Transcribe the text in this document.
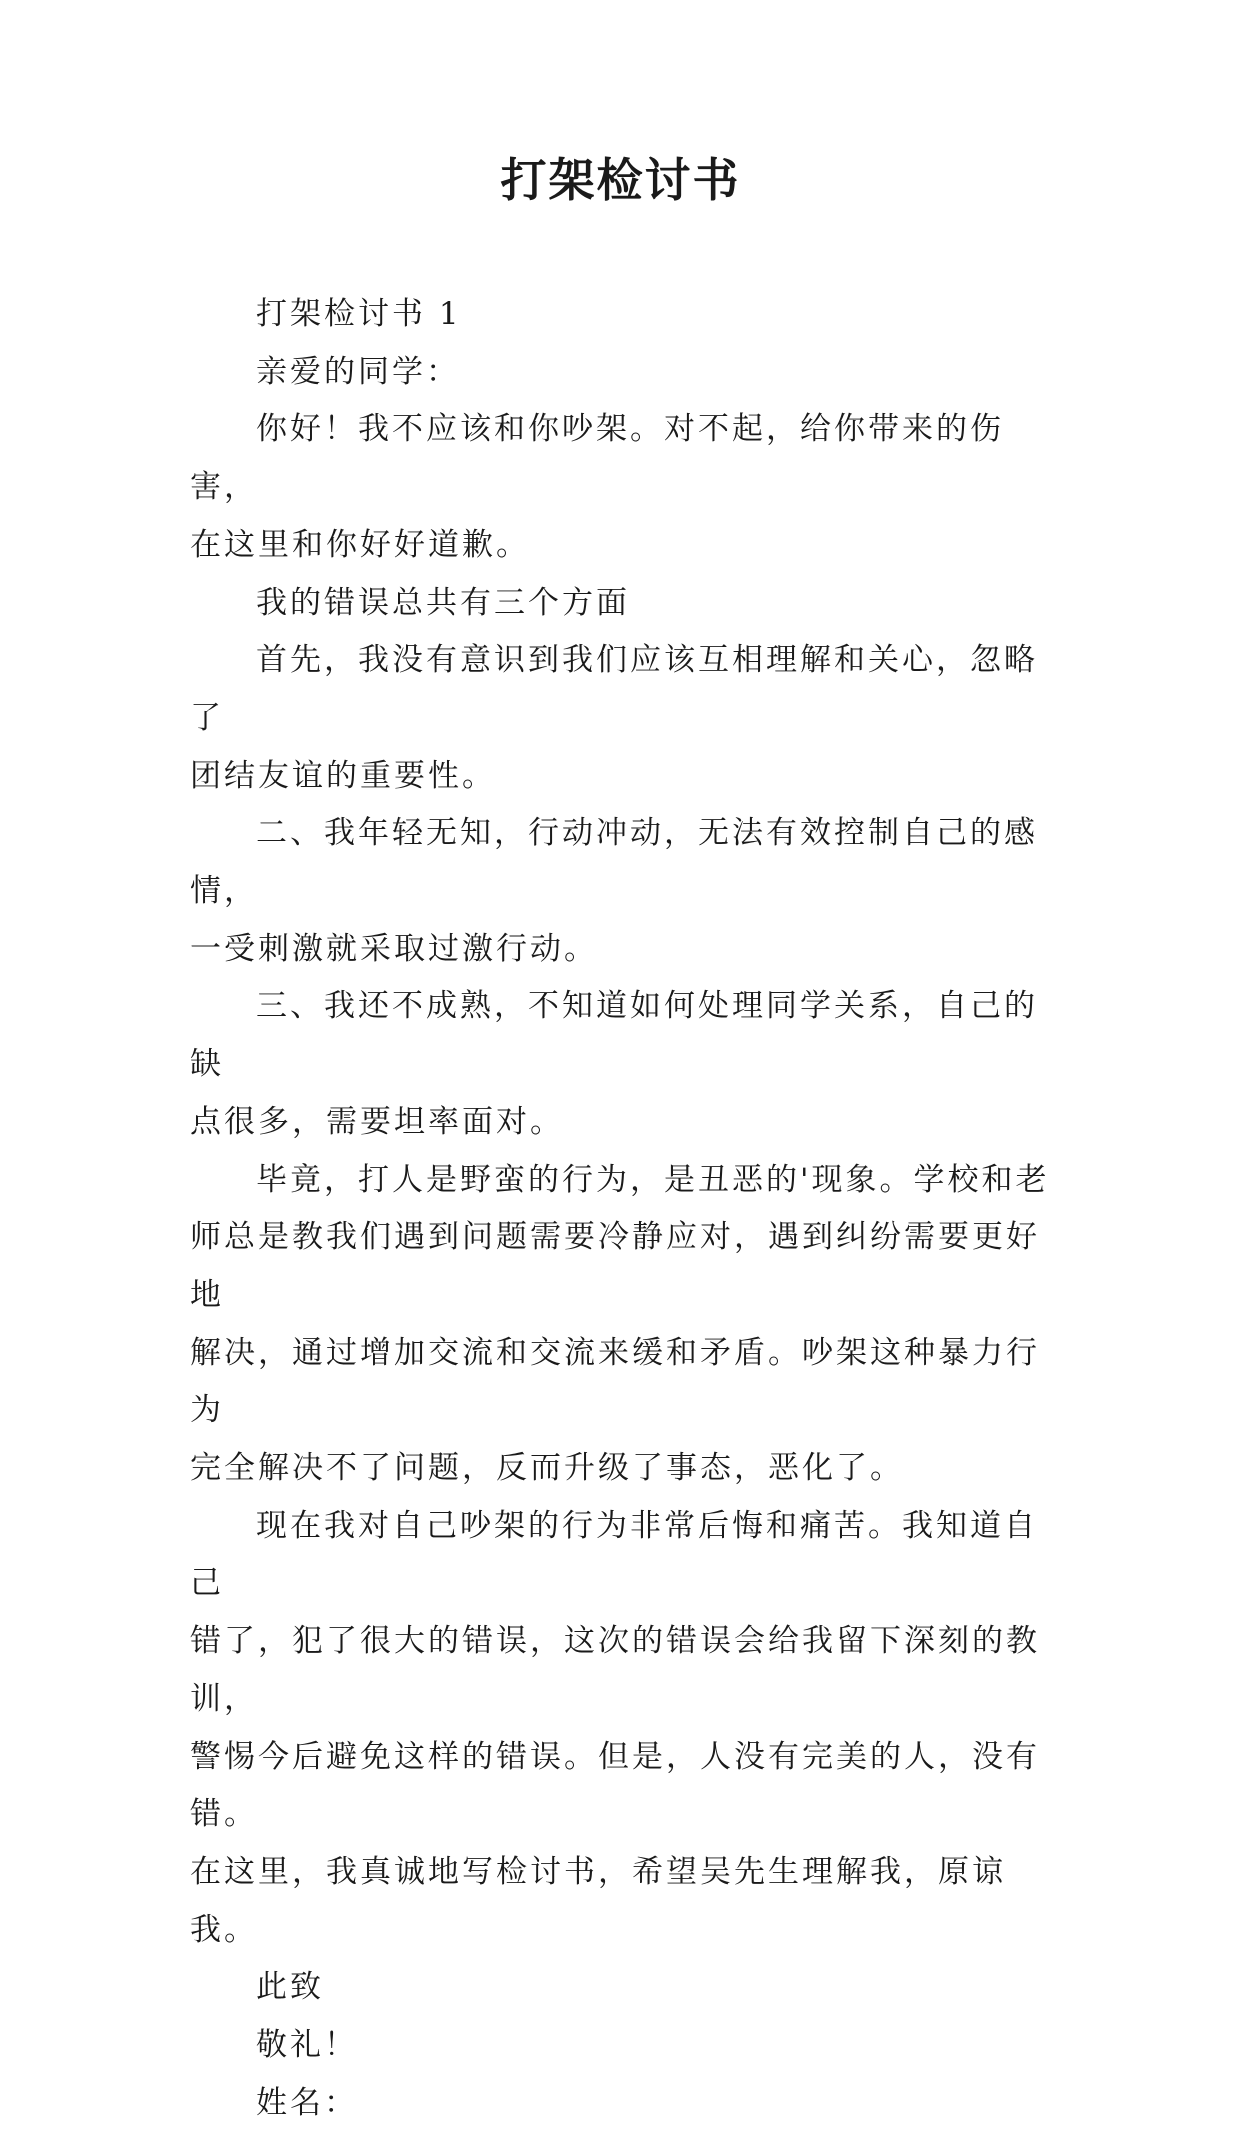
打架检讨书

打架检讨书 1

亲爱的同学：

你好！我不应该和你吵架。对不起，给你带来的伤害，
在这里和你好好道歉。

我的错误总共有三个方面

首先，我没有意识到我们应该互相理解和关心，忽略了
团结友谊的重要性。

二、我年轻无知，行动冲动，无法有效控制自己的感情，
一受刺激就采取过激行动。

三、我还不成熟，不知道如何处理同学关系，自己的缺
点很多，需要坦率面对。

毕竟，打人是野蛮的行为，是丑恶的'现象。学校和老
师总是教我们遇到问题需要冷静应对，遇到纠纷需要更好地
解决，通过增加交流和交流来缓和矛盾。吵架这种暴力行为
完全解决不了问题，反而升级了事态，恶化了。

现在我对自己吵架的行为非常后悔和痛苦。我知道自己
错了，犯了很大的错误，这次的错误会给我留下深刻的教训，
警惕今后避免这样的错误。但是，人没有完美的人，没有错。
在这里，我真诚地写检讨书，希望吴先生理解我，原谅我。

此致

敬礼！

姓名：
